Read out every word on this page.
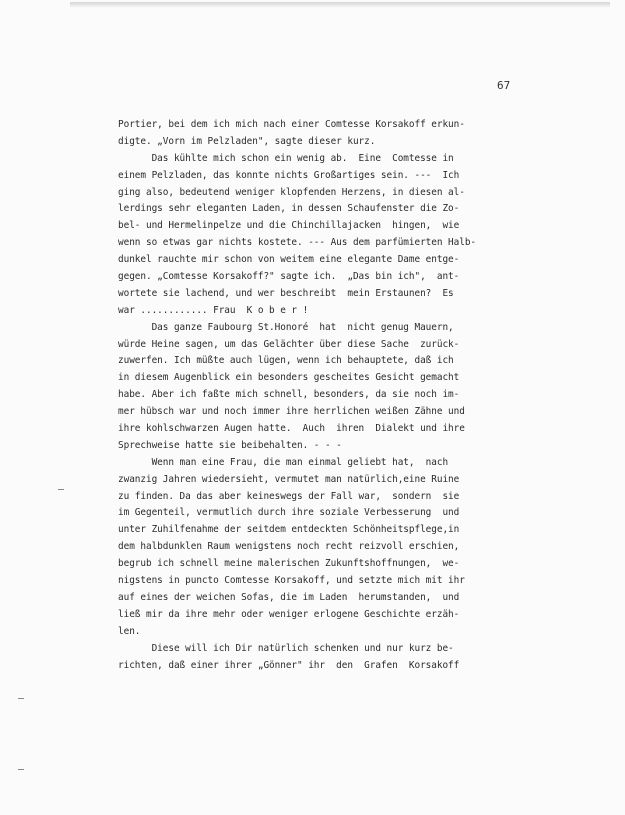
67
Portier, bei dem ich mich nach einer Comtesse Korsakoff erkun-
digte. „Vorn im Pelzladen", sagte dieser kurz.
Das kühlte mich schon ein wenig ab.  Eine  Comtesse in
einem Pelzladen, das konnte nichts Großartiges sein. ---  Ich
ging also, bedeutend weniger klopfenden Herzens, in diesen al-
lerdings sehr eleganten Laden, in dessen Schaufenster die Zo-
bel- und Hermelinpelze und die Chinchillajacken  hingen,  wie
wenn so etwas gar nichts kostete. --- Aus dem parfümierten Halb-
dunkel rauchte mir schon von weitem eine elegante Dame entge-
gegen. „Comtesse Korsakoff?" sagte ich.  „Das bin ich",  ant-
wortete sie lachend, und wer beschreibt  mein Erstaunen?  Es
war ............ Frau  K o b e r !
Das ganze Faubourg St.Honoré  hat  nicht genug Mauern,
würde Heine sagen, um das Gelächter über diese Sache  zurück-
zuwerfen. Ich müßte auch lügen, wenn ich behauptete, daß ich
in diesem Augenblick ein besonders gescheites Gesicht gemacht
habe. Aber ich faßte mich schnell, besonders, da sie noch im-
mer hübsch war und noch immer ihre herrlichen weißen Zähne und
ihre kohlschwarzen Augen hatte.  Auch  ihren  Dialekt und ihre
Sprechweise hatte sie beibehalten. - - -
Wenn man eine Frau, die man einmal geliebt hat,  nach
zwanzig Jahren wiedersieht, vermutet man natürlich,eine Ruine
zu finden. Da das aber keineswegs der Fall war,  sondern  sie
im Gegenteil, vermutlich durch ihre soziale Verbesserung  und
unter Zuhilfenahme der seitdem entdeckten Schönheitspflege,in
dem halbdunklen Raum wenigstens noch recht reizvoll erschien,
begrub ich schnell meine malerischen Zukunftshoffnungen,  we-
nigstens in puncto Comtesse Korsakoff, und setzte mich mit ihr
auf eines der weichen Sofas, die im Laden  herumstanden,  und
ließ mir da ihre mehr oder weniger erlogene Geschichte erzäh-
len.
Diese will ich Dir natürlich schenken und nur kurz be-
richten, daß einer ihrer „Gönner" ihr  den  Grafen  Korsakoff
